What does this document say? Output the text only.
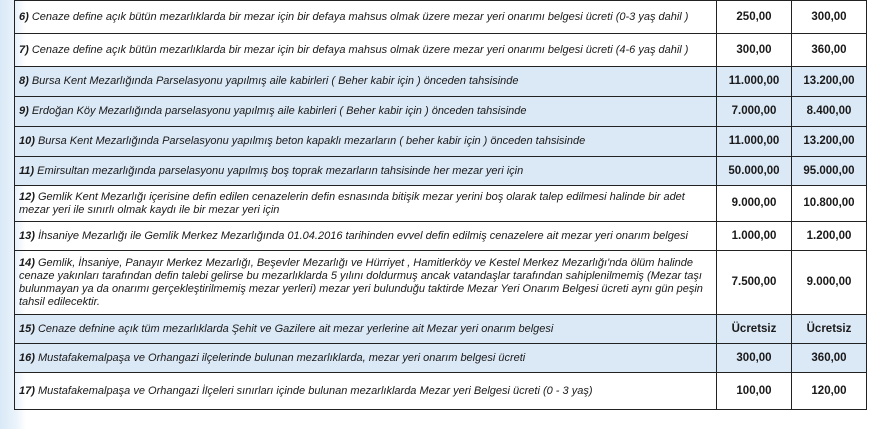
6) Cenaze define açık bütün mezarlıklarda bir mezar için bir defaya mahsus olmak üzere mezar yeri onarımı belgesi ücreti (0-3 yaş dahil )	250,00	300,00
7) Cenaze define açık bütün mezarlıklarda bir mezar için bir defaya mahsus olmak üzere mezar yeri onarımı belgesi ücreti (4-6 yaş dahil )	300,00	360,00
8) Bursa Kent Mezarlığında Parselasyonu yapılmış aile kabirleri ( Beher kabir için ) önceden tahsisinde	11.000,00	13.200,00
9) Erdoğan Köy Mezarlığında parselasyonu yapılmış aile kabirleri ( Beher kabir için ) önceden tahsisinde	7.000,00	8.400,00
10) Bursa Kent Mezarlığında Parselasyonu yapılmış beton kapaklı mezarların ( beher kabir için ) önceden tahsisinde	11.000,00	13.200,00
11) Emirsultan mezarlığında parselasyonu yapılmış boş toprak mezarların tahsisinde her mezar yeri için	50.000,00	95.000,00
12) Gemlik Kent Mezarlığı içerisine defin edilen cenazelerin defin esnasında bitişik mezar yerini boş olarak talep edilmesi halinde bir adet mezar yeri ile sınırlı olmak kaydı ile bir mezar yeri için	9.000,00	10.800,00
13) İhsaniye Mezarlığı ile Gemlik Merkez Mezarlığında 01.04.2016 tarihinden evvel defin edilmiş cenazelere ait mezar yeri onarım belgesi	1.000,00	1.200,00
14) Gemlik, İhsaniye, Panayır Merkez Mezarlığı, Beşevler Mezarlığı ve Hürriyet , Hamitlerköy ve Kestel Merkez Mezarlığı'nda ölüm halinde cenaze yakınları tarafından defin talebi gelirse bu mezarlıklarda 5 yılını doldurmuş ancak vatandaşlar tarafından sahiplenilmemiş (Mezar taşı bulunmayan ya da onarımı gerçekleştirilmemiş mezar yerleri) mezar yeri bulunduğu taktirde Mezar Yeri Onarım Belgesi ücreti aynı gün peşin tahsil edilecektir.	7.500,00	9.000,00
15) Cenaze defnine açık tüm mezarlıklarda Şehit ve Gazilere ait mezar yerlerine ait Mezar yeri onarım belgesi	Ücretsiz	Ücretsiz
16) Mustafakemalpaşa ve Orhangazi ilçelerinde bulunan mezarlıklarda, mezar yeri onarım belgesi ücreti	300,00	360,00
17) Mustafakemalpaşa ve Orhangazi İlçeleri sınırları içinde bulunan mezarlıklarda Mezar yeri Belgesi ücreti (0 - 3 yaş)	100,00	120,00
